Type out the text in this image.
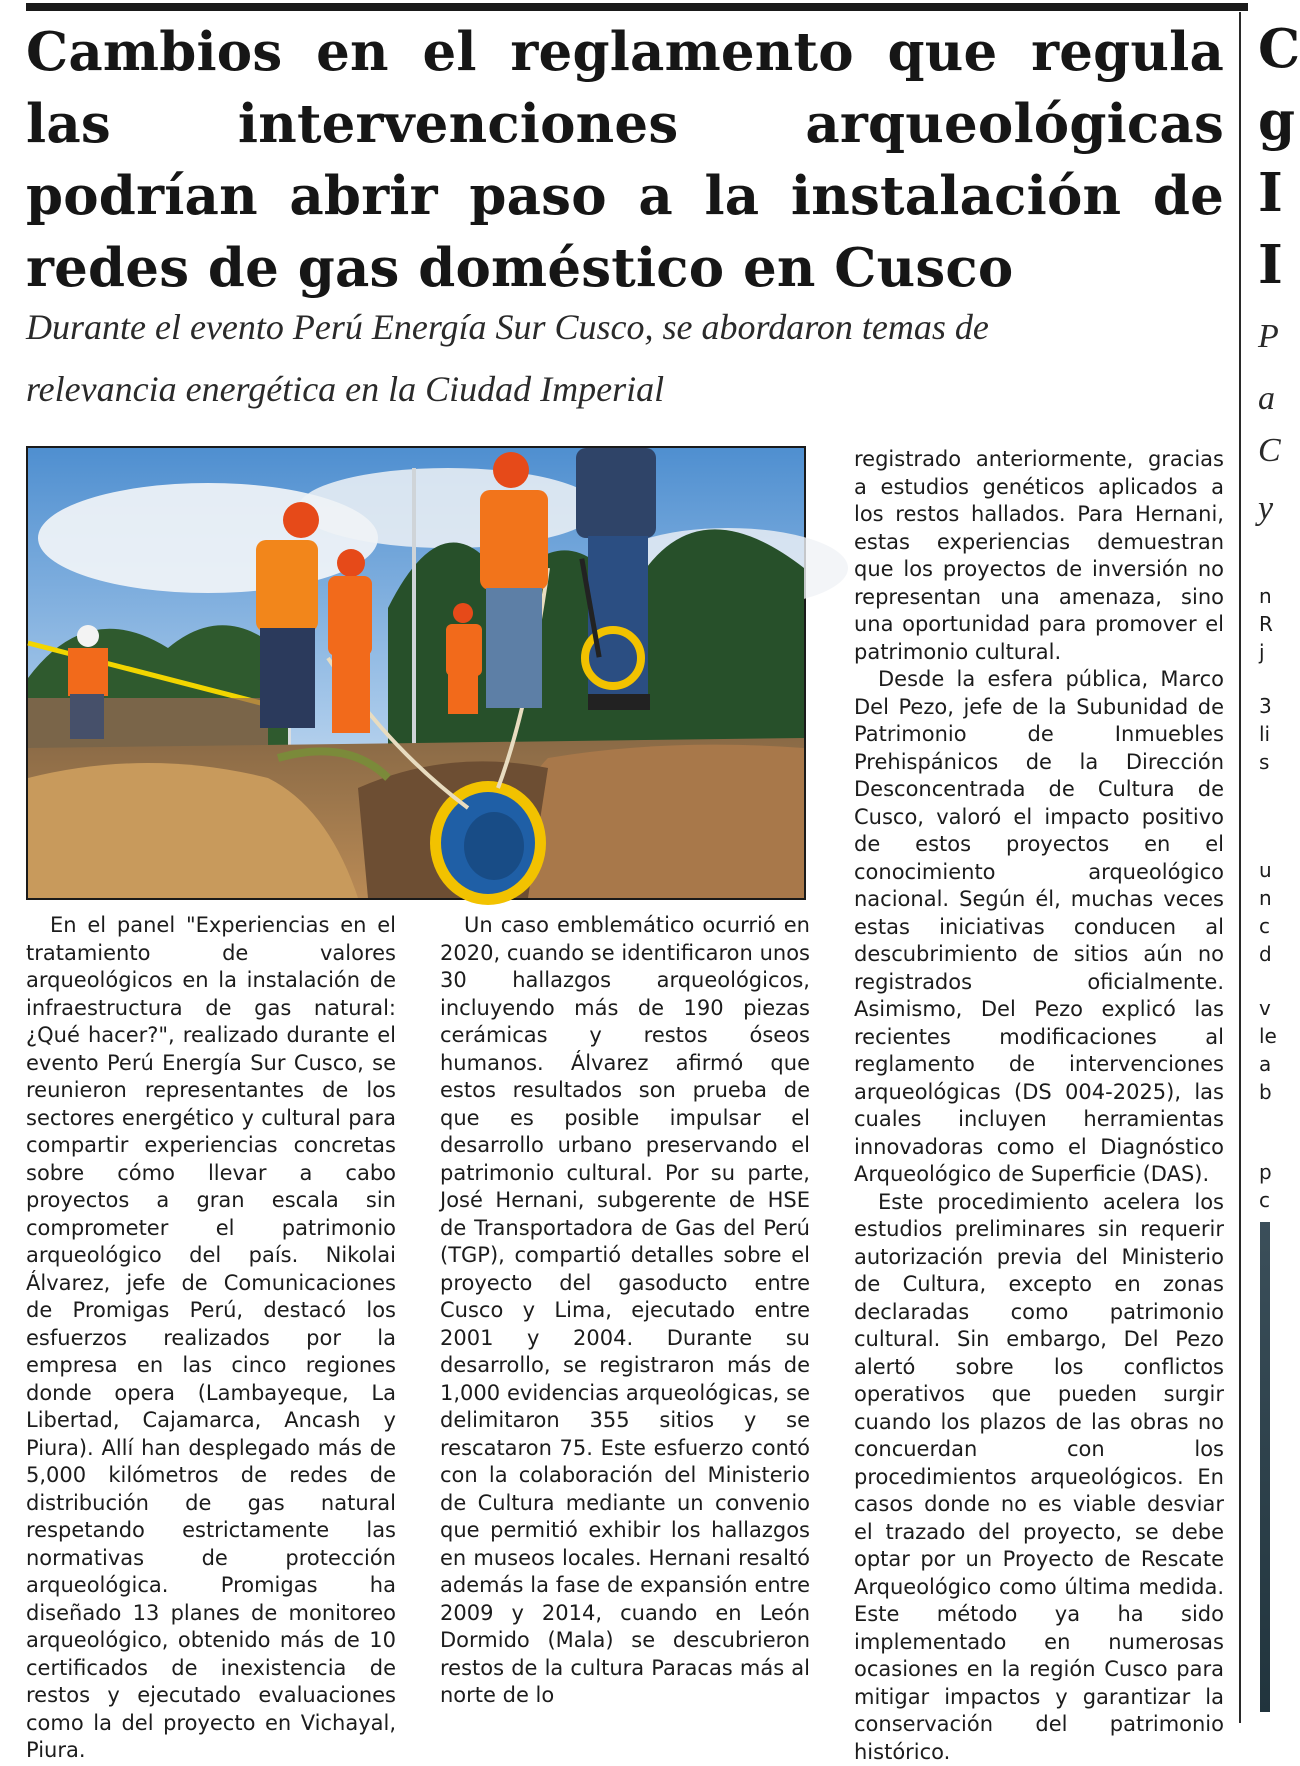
Cambios en el reglamento que regula las intervenciones arqueológicas podrían abrir paso a la instalación de redes de gas doméstico en Cusco

Durante el evento Perú Energía Sur Cusco, se abordaron temas de relevancia energética en la Ciudad Imperial

En el panel "Experiencias en el tratamiento de valores arqueológicos en la instalación de infraestructura de gas natural: ¿Qué hacer?", realizado durante el evento Perú Energía Sur Cusco, se reunieron representantes de los sectores energético y cultural para compartir experiencias concretas sobre cómo llevar a cabo proyectos a gran escala sin comprometer el patrimonio arqueológico del país. Nikolai Álvarez, jefe de Comunicaciones de Promigas Perú, destacó los esfuerzos realizados por la empresa en las cinco regiones donde opera (Lambayeque, La Libertad, Cajamarca, Ancash y Piura). Allí han desplegado más de 5,000 kilómetros de redes de distribución de gas natural respetando estrictamente las normativas de protección arqueológica. Promigas ha diseñado 13 planes de monitoreo arqueológico, obtenido más de 10 certificados de inexistencia de restos y ejecutado evaluaciones como la del proyecto en Vichayal, Piura.

Un caso emblemático ocurrió en 2020, cuando se identificaron unos 30 hallazgos arqueológicos, incluyendo más de 190 piezas cerámicas y restos óseos humanos. Álvarez afirmó que estos resultados son prueba de que es posible impulsar el desarrollo urbano preservando el patrimonio cultural. Por su parte, José Hernani, subgerente de HSE de Transportadora de Gas del Perú (TGP), compartió detalles sobre el proyecto del gasoducto entre Cusco y Lima, ejecutado entre 2001 y 2004. Durante su desarrollo, se registraron más de 1,000 evidencias arqueológicas, se delimitaron 355 sitios y se rescataron 75. Este esfuerzo contó con la colaboración del Ministerio de Cultura mediante un convenio que permitió exhibir los hallazgos en museos locales. Hernani resaltó además la fase de expansión entre 2009 y 2014, cuando en León Dormido (Mala) se descubrieron restos de la cultura Paracas más al norte de lo

registrado anteriormente, gracias a estudios genéticos aplicados a los restos hallados. Para Hernani, estas experiencias demuestran que los proyectos de inversión no representan una amenaza, sino una oportunidad para promover el patrimonio cultural.

Desde la esfera pública, Marco Del Pezo, jefe de la Subunidad de Patrimonio de Inmuebles Prehispánicos de la Dirección Desconcentrada de Cultura de Cusco, valoró el impacto positivo de estos proyectos en el conocimiento arqueológico nacional. Según él, muchas veces estas iniciativas conducen al descubrimiento de sitios aún no registrados oficialmente. Asimismo, Del Pezo explicó las recientes modificaciones al reglamento de intervenciones arqueológicas (DS 004-2025), las cuales incluyen herramientas innovadoras como el Diagnóstico Arqueológico de Superficie (DAS).

Este procedimiento acelera los estudios preliminares sin requerir autorización previa del Ministerio de Cultura, excepto en zonas declaradas como patrimonio cultural. Sin embargo, Del Pezo alertó sobre los conflictos operativos que pueden surgir cuando los plazos de las obras no concuerdan con los procedimientos arqueológicos. En casos donde no es viable desviar el trazado del proyecto, se debe optar por un Proyecto de Rescate Arqueológico como última medida. Este método ya ha sido implementado en numerosas ocasiones en la región Cusco para mitigar impactos y garantizar la conservación del patrimonio histórico.

C
g
I
I
P
a
C
y
n
R
j
3
li
s
u
n
c
d
v
le
a
b
p
c
